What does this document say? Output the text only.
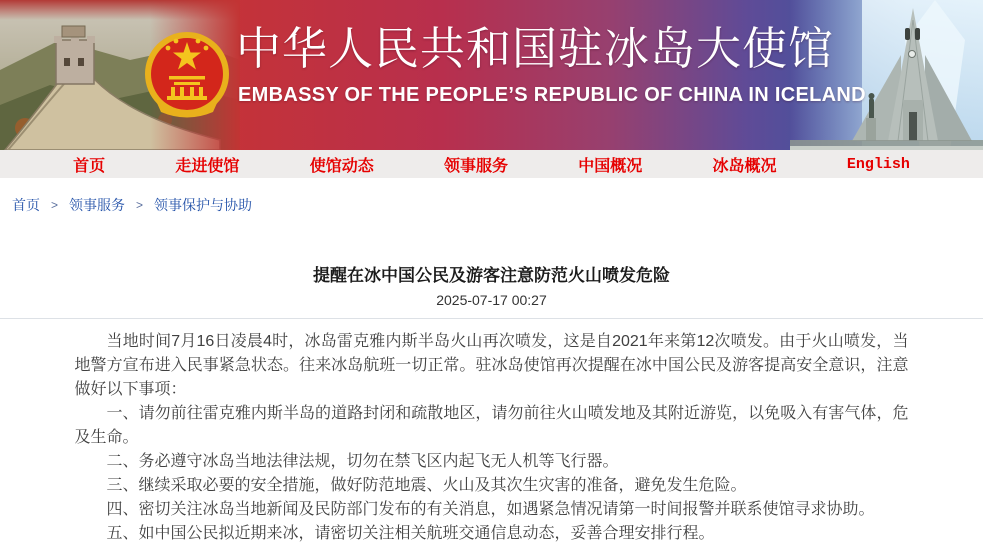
中华人民共和国驻冰岛大使馆
EMBASSY OF THE PEOPLE’S REPUBLIC OF CHINA IN ICELAND
首页	走进使馆	使馆动态	领事服务	中国概况	冰岛概况	English
首页 > 领事服务 > 领事保护与协助
提醒在冰中国公民及游客注意防范火山喷发危险
2025-07-17 00:27

当地时间7月16日凌晨4时，冰岛雷克雅内斯半岛火山再次喷发，这是自2021年来第12次喷发。由于火山喷发，当地警方宣布进入民事紧急状态。往来冰岛航班一切正常。驻冰岛使馆再次提醒在冰中国公民及游客提高安全意识，注意做好以下事项：

一、请勿前往雷克雅内斯半岛的道路封闭和疏散地区，请勿前往火山喷发地及其附近游览，以免吸入有害气体，危及生命。

二、务必遵守冰岛当地法律法规，切勿在禁飞区内起飞无人机等飞行器。

三、继续采取必要的安全措施，做好防范地震、火山及其次生灾害的准备，避免发生危险。

四、密切关注冰岛当地新闻及民防部门发布的有关消息，如遇紧急情况请第一时间报警并联系使馆寻求协助。

五、如中国公民拟近期来冰，请密切关注相关航班交通信息动态，妥善合理安排行程。
